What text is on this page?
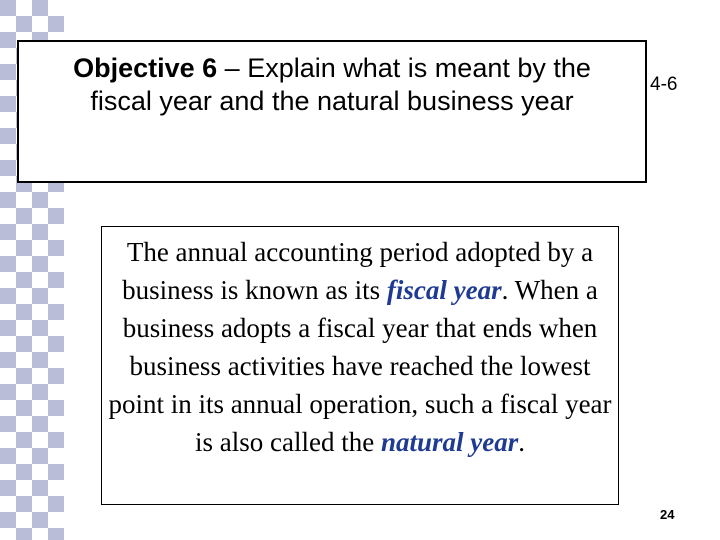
Objective 6 – Explain what is meant by the
fiscal year and the natural business year
4-6
The annual accounting period adopted by a business is known as its fiscal year. When a business adopts a fiscal year that ends when business activities have reached the lowest point in its annual operation, such a fiscal year is also called the natural year.
24
